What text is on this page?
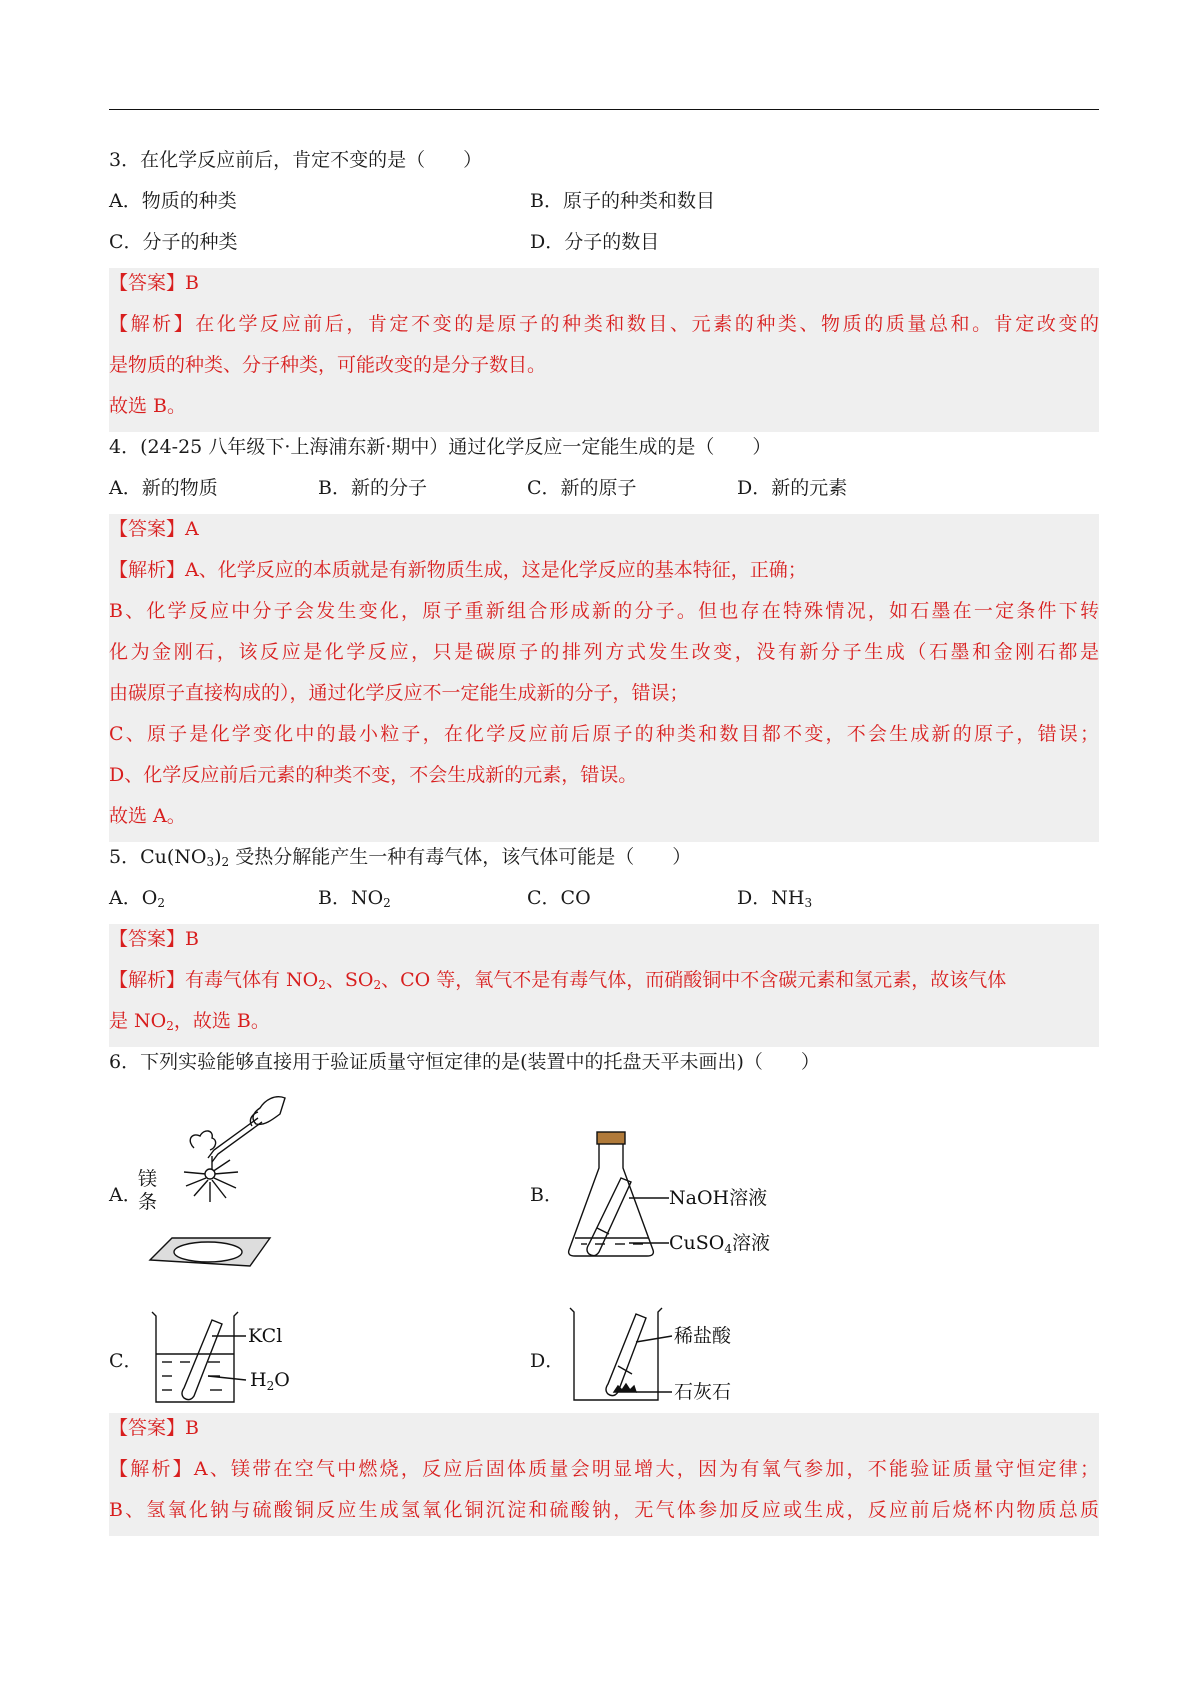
3．在化学反应前后，肯定不变的是（　　）
A．物质的种类	B．原子的种类和数目
C．分子的种类	D．分子的数目
【答案】B
【解析】在化学反应前后，肯定不变的是原子的种类和数目、元素的种类、物质的质量总和。肯定改变的
是物质的种类、分子种类，可能改变的是分子数目。
故选 B。
4．(24-25 八年级下·上海浦东新·期中）通过化学反应一定能生成的是（　　）
A．新的物质	B．新的分子	C．新的原子	D．新的元素
【答案】A
【解析】A、化学反应的本质就是有新物质生成，这是化学反应的基本特征，正确；
B、化学反应中分子会发生变化，原子重新组合形成新的分子。但也存在特殊情况，如石墨在一定条件下转
化为金刚石，该反应是化学反应，只是碳原子的排列方式发生改变，没有新分子生成（石墨和金刚石都是
由碳原子直接构成的），通过化学反应不一定能生成新的分子，错误；
C、原子是化学变化中的最小粒子，在化学反应前后原子的种类和数目都不变，不会生成新的原子，错误；
D、化学反应前后元素的种类不变，不会生成新的元素，错误。
故选 A。
5．$Cu(NO_3)_2$ 受热分解能产生一种有毒气体，该气体可能是（　　）
A．$O_2$	B．$NO_2$	C．CO	D．$NH_3$
【答案】B
【解析】有毒气体有 $NO_2$、$SO_2$、CO 等，氧气不是有毒气体，而硝酸铜中不含碳元素和氢元素，故该气体
是 $NO_2$，故选 B。
6．下列实验能够直接用于验证质量守恒定律的是(装置中的托盘天平未画出)（　　）
A．
镁
条	B．	NaOH溶液
CuSO$_4$溶液
C．
KCl
$H_2O$
D．
稀盐酸
石灰石
【答案】B
【解析】A、镁带在空气中燃烧，反应后固体质量会明显增大，因为有氧气参加，不能验证质量守恒定律；
B、氢氧化钠与硫酸铜反应生成氢氧化铜沉淀和硫酸钠，无气体参加反应或生成，反应前后烧杯内物质总质
